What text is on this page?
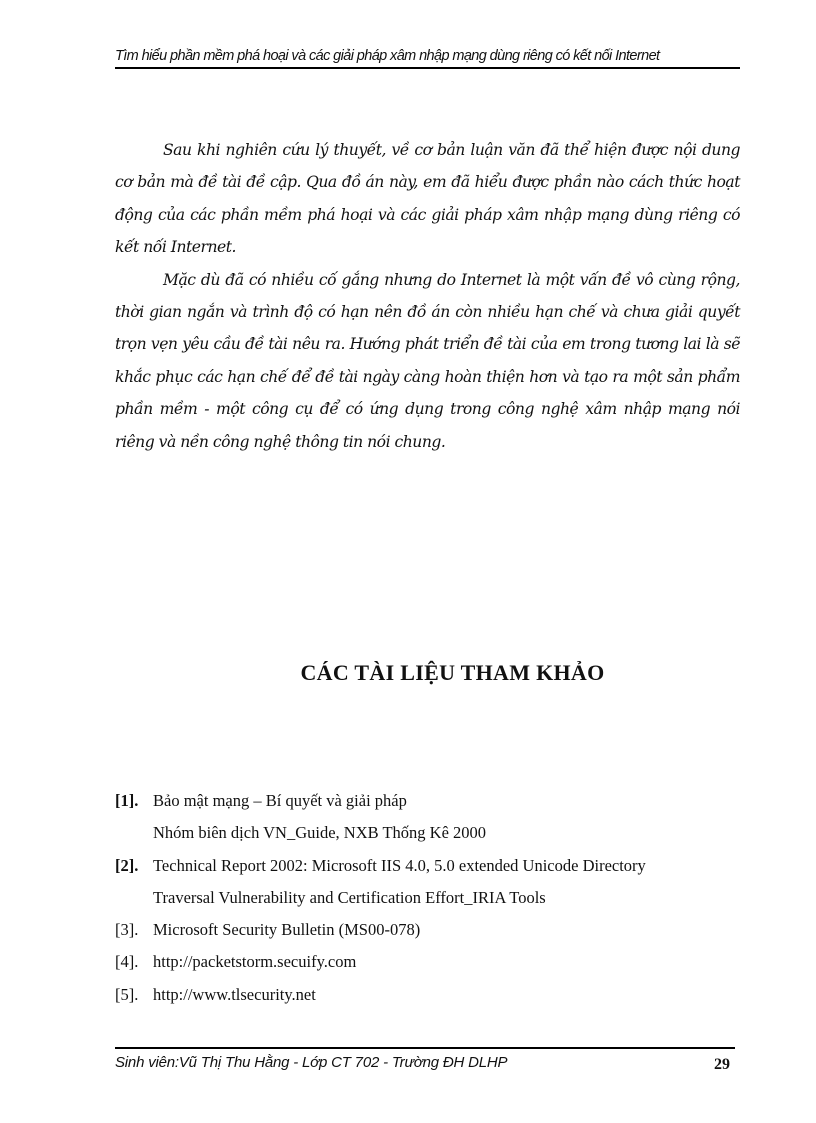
Tìm hiểu phần mềm phá hoại và các giải pháp xâm nhập mạng dùng riêng có kết nối Internet

Sau khi nghiên cứu lý thuyết, về cơ bản luận văn đã thể hiện được nội dung cơ bản mà đề tài đề cập. Qua đồ án này, em đã hiểu được phần nào cách thức hoạt động của các phần mềm phá hoại và các giải pháp xâm nhập mạng dùng riêng có kết nối Internet.

Mặc dù đã có nhiều cố gắng nhưng do Internet là một vấn đề vô cùng rộng, thời gian ngắn và trình độ có hạn nên đồ án còn nhiều hạn chế và chưa giải quyết trọn vẹn yêu cầu đề tài nêu ra. Hướng phát triển đề tài của em trong tương lai là sẽ khắc phục các hạn chế để đề tài ngày càng hoàn thiện hơn và tạo ra một sản phẩm phần mềm - một công cụ để có ứng dụng trong công nghệ xâm nhập mạng nói riêng và nền công nghệ thông tin nói chung.

CÁC TÀI LIỆU THAM KHẢO
[1]. Bảo mật mạng – Bí quyết và giải pháp
Nhóm biên dịch VN_Guide, NXB Thống Kê 2000
[2]. Technical Report 2002: Microsoft IIS 4.0, 5.0 extended Unicode Directory
Traversal Vulnerability and Certification Effort_IRIA Tools
[3]. Microsoft Security Bulletin (MS00-078)
[4]. http://packetstorm.secuify.com
[5]. http://www.tlsecurity.net
Sinh viên:Vũ Thị Thu Hằng - Lớp CT 702 - Trường ĐH DLHP	29
